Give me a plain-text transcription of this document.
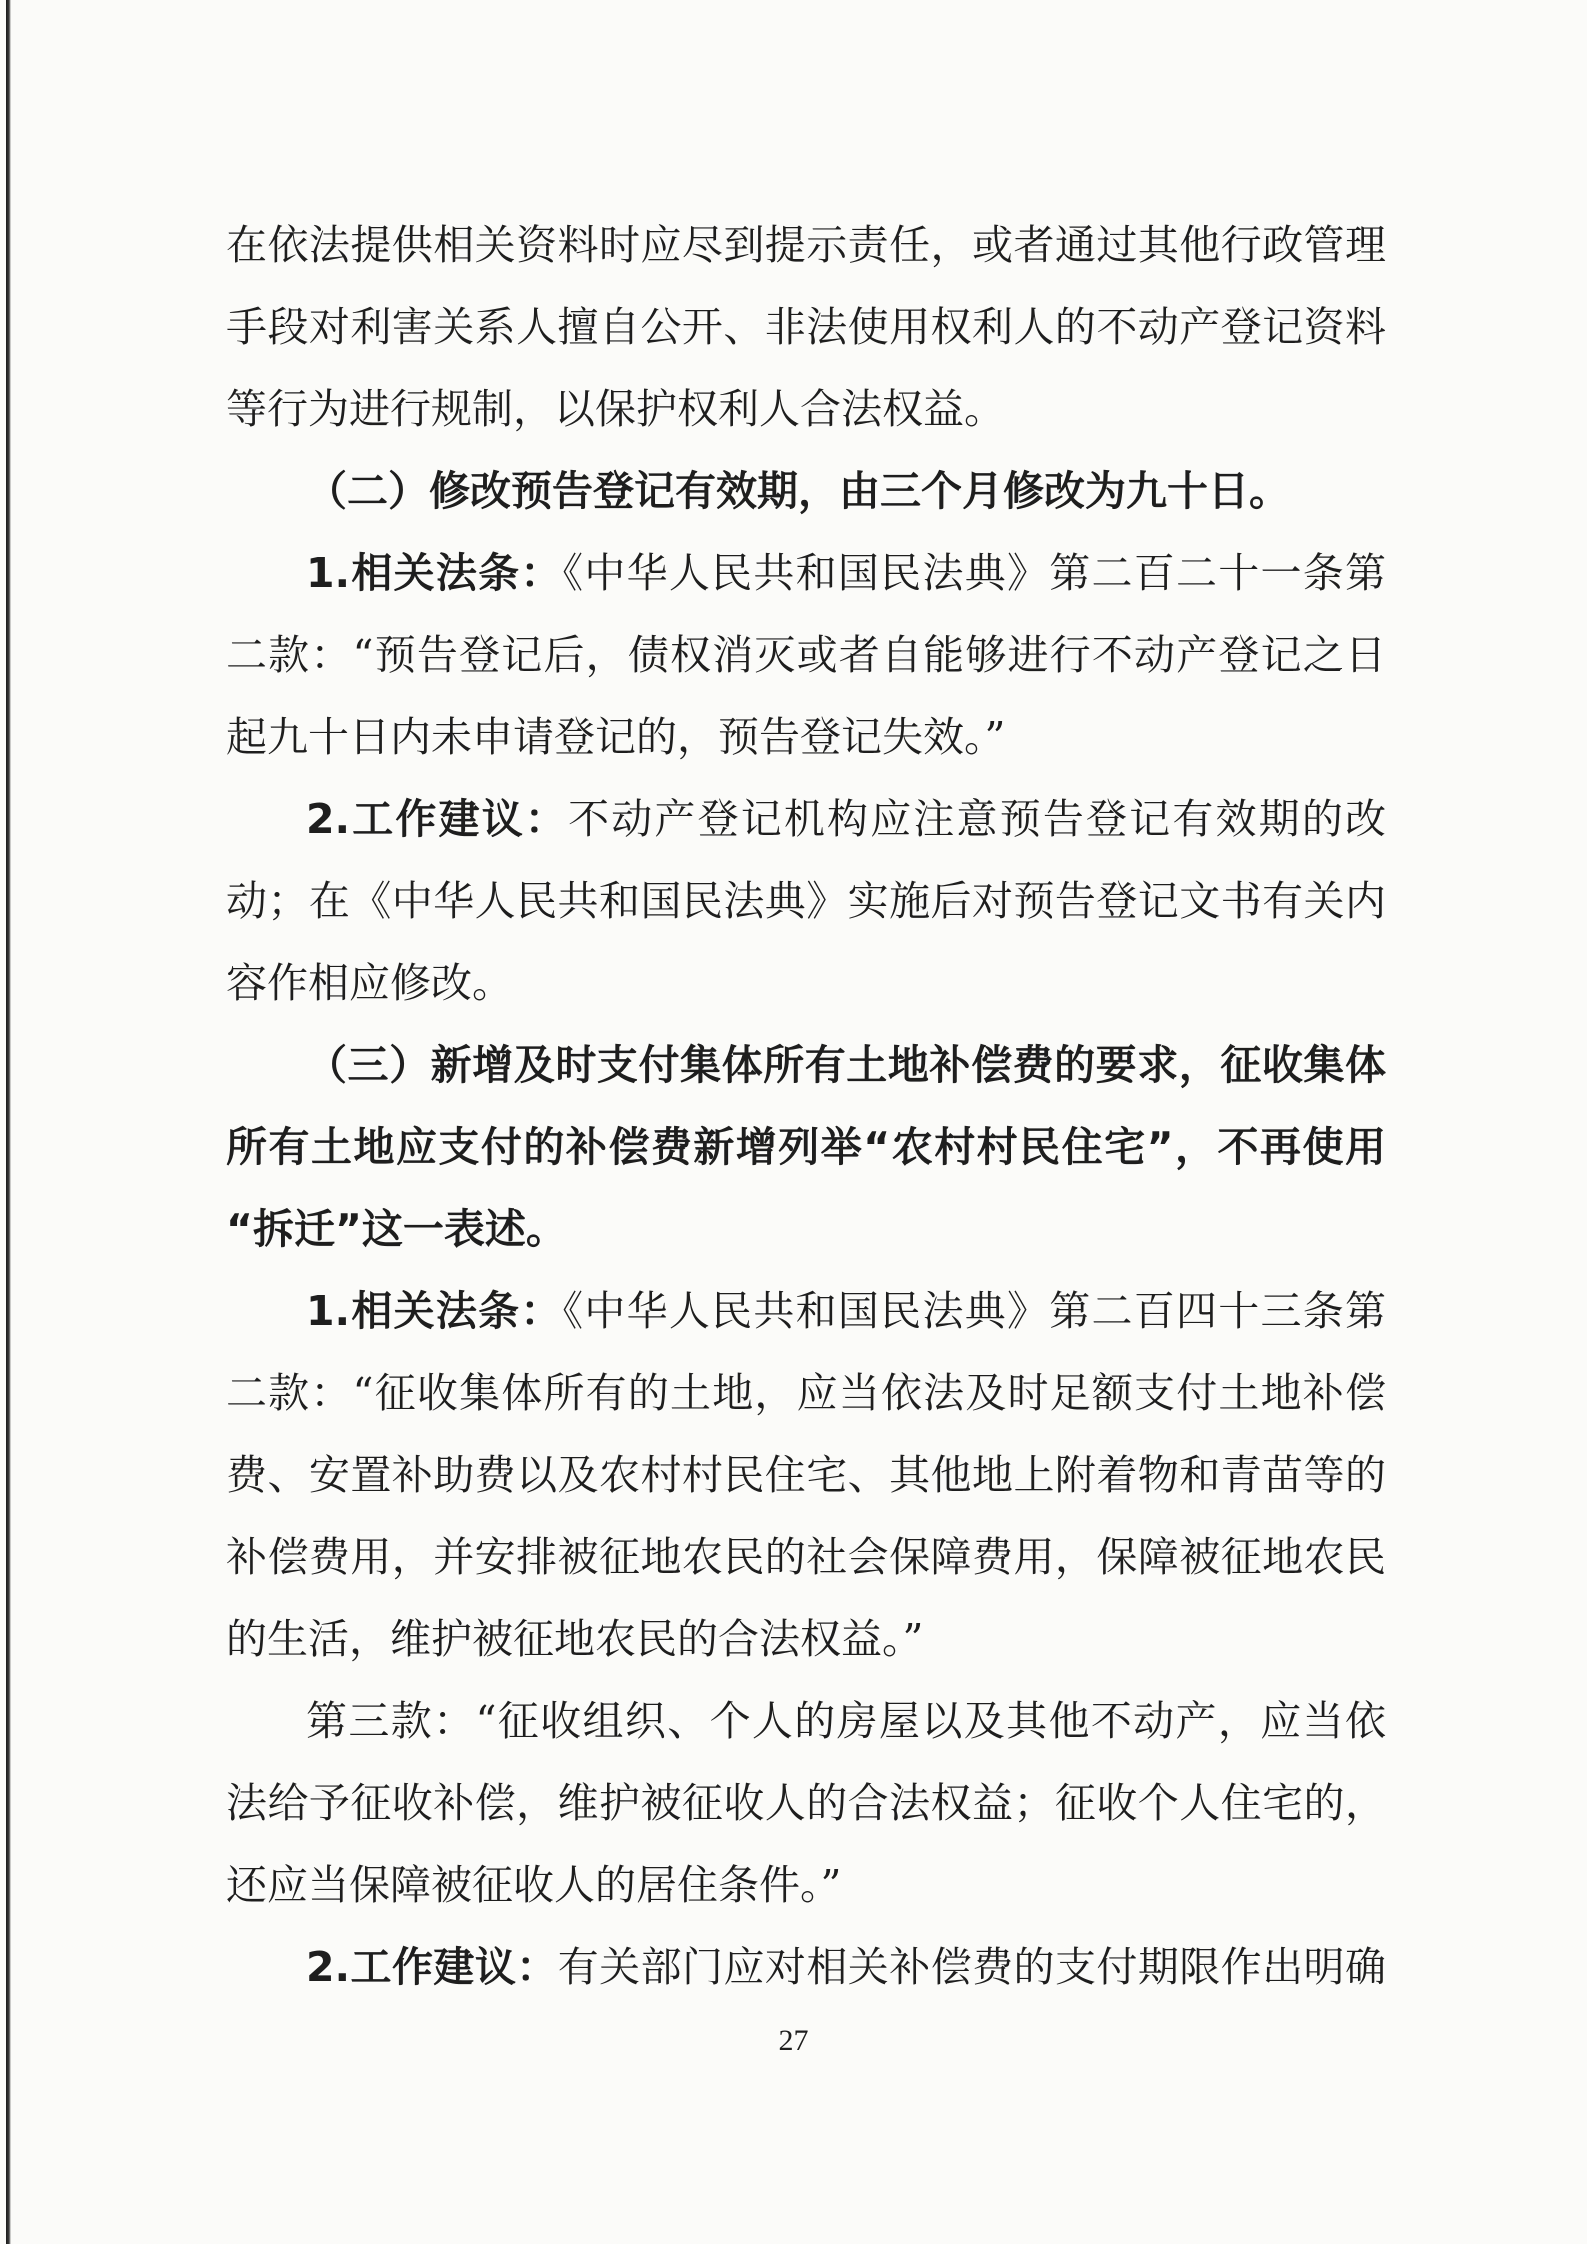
在依法提供相关资料时应尽到提示责任，或者通过其他行政管理
手段对利害关系人擅自公开、非法使用权利人的不动产登记资料
等行为进行规制，以保护权利人合法权益。
（二）修改预告登记有效期，由三个月修改为九十日。
1.相关法条：《中华人民共和国民法典》第二百二十一条第
二款：“预告登记后，债权消灭或者自能够进行不动产登记之日
起九十日内未申请登记的，预告登记失效。”
2.工作建议：不动产登记机构应注意预告登记有效期的改
动；在《中华人民共和国民法典》实施后对预告登记文书有关内
容作相应修改。
（三）新增及时支付集体所有土地补偿费的要求，征收集体
所有土地应支付的补偿费新增列举“农村村民住宅”，不再使用
“拆迁”这一表述。
1.相关法条：《中华人民共和国民法典》第二百四十三条第
二款：“征收集体所有的土地，应当依法及时足额支付土地补偿
费、安置补助费以及农村村民住宅、其他地上附着物和青苗等的
补偿费用，并安排被征地农民的社会保障费用，保障被征地农民
的生活，维护被征地农民的合法权益。”
第三款：“征收组织、个人的房屋以及其他不动产，应当依
法给予征收补偿，维护被征收人的合法权益；征收个人住宅的，
还应当保障被征收人的居住条件。”
2.工作建议：有关部门应对相关补偿费的支付期限作出明确
27
